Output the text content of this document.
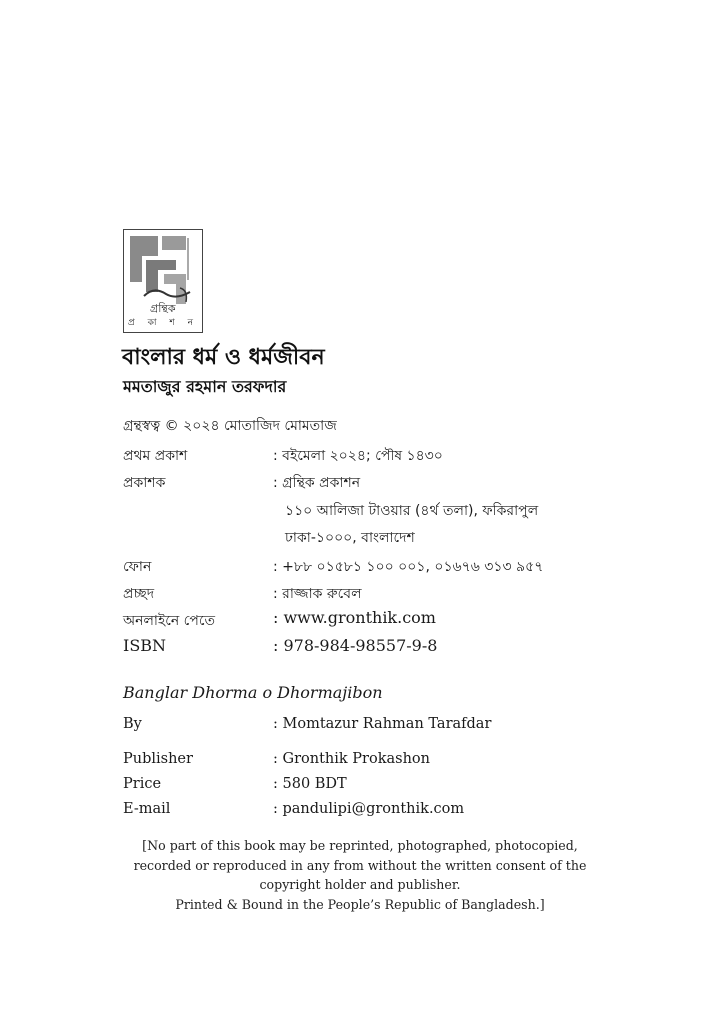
গ্রন্থিক
প্র কা শ ন
বাংলার ধর্ম ও ধর্মজীবন
মমতাজুর রহমান তরফদার
গ্রন্থস্বত্ব © ২০২৪ মোতাজিদ মোমতাজ
প্রথম প্রকাশ	: বইমেলা ২০২৪; পৌষ ১৪৩০
প্রকাশক	: গ্রন্থিক প্রকাশন
১১০ আলিজা টাওয়ার (৪র্থ তলা), ফকিরাপুল
ঢাকা-১০০০, বাংলাদেশ
ফোন	: +৮৮ ০১৫৮১ ১০০ ০০১, ০১৬৭৬ ৩১৩ ৯৫৭
প্রচ্ছদ	: রাজ্জাক রুবেল
অনলাইনে পেতে	: www.gronthik.com
ISBN	: 978-984-98557-9-8
Banglar Dhorma o Dhormajibon
By	: Momtazur Rahman Tarafdar
Publisher	: Gronthik Prokashon
Price	: 580 BDT
E-mail	: pandulipi@gronthik.com
[No part of this book may be reprinted, photographed, photocopied,
recorded or reproduced in any from without the written consent of the
copyright holder and publisher.
Printed & Bound in the People’s Republic of Bangladesh.]
